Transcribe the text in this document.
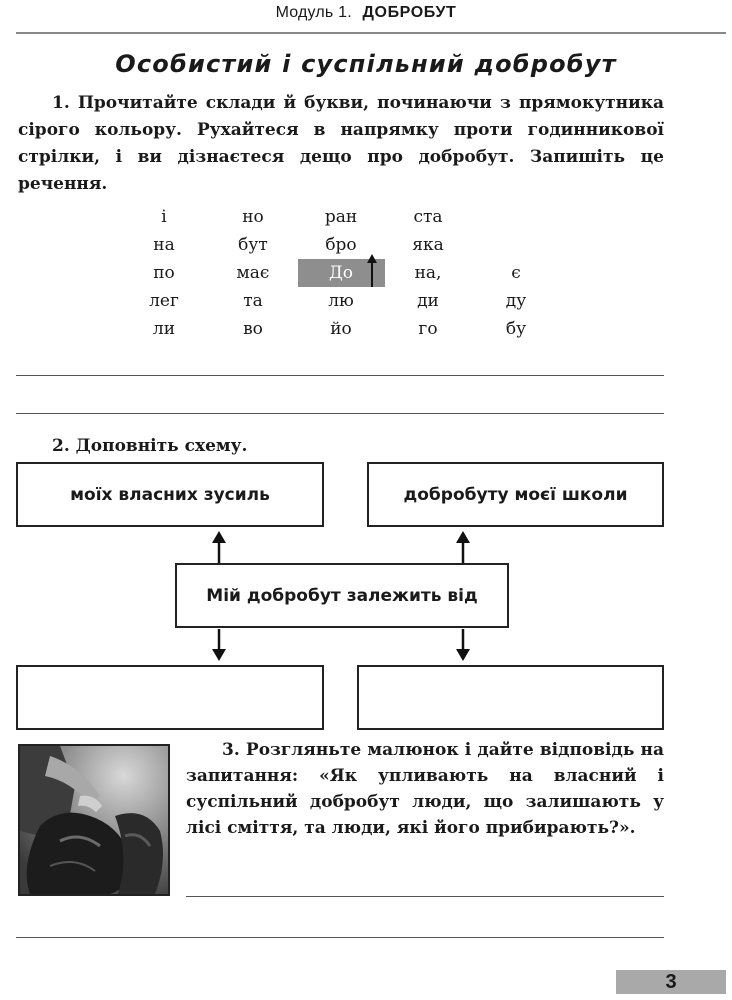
Модуль 1. ДОБРОБУТ
Особистий і суспільний добробут
1. Прочитайте склади й букви, починаючи з прямокутника сірого кольору. Рухайтеся в напрямку проти годинникової стрілки, і ви дізнаєтеся дещо про добробут. Запишіть це речення.
і	но	ран	ста
на	бут	бро	яка
по	має	До	на,	є
лег	та	лю	ди	ду
ли	во	йо	го	бу
2. Доповніть схему.
моїх власних зусиль	добробуту моєї школи
Мій добробут залежить від
3. Розгляньте малюнок і дайте відповідь на запитання: «Як упливають на власний і суспільний добробут люди, що залишають у лісі сміття, та люди, які його прибирають?».
3
